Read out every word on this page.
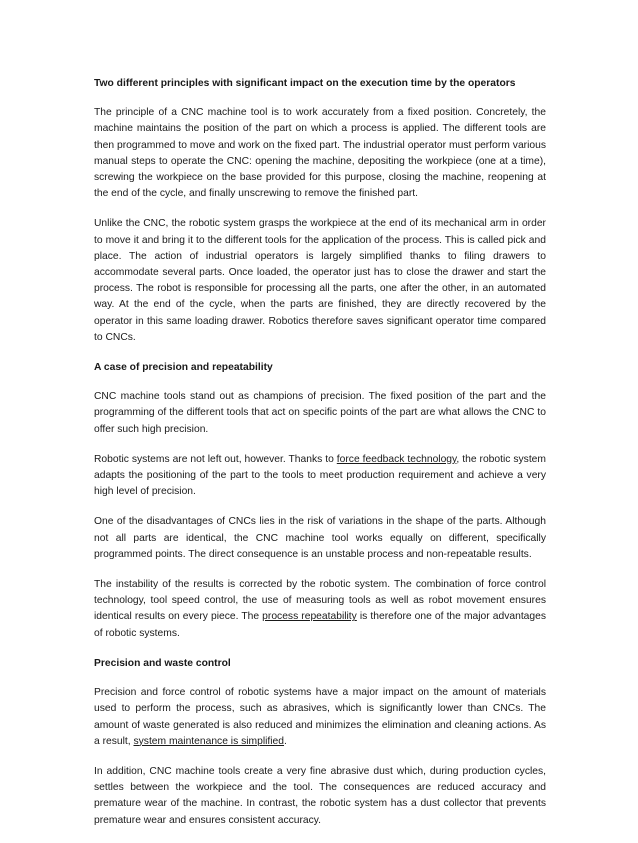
Two different principles with significant impact on the execution time by the operators

The principle of a CNC machine tool is to work accurately from a fixed position. Concretely, the machine maintains the position of the part on which a process is applied. The different tools are then programmed to move and work on the fixed part. The industrial operator must perform various manual steps to operate the CNC: opening the machine, depositing the workpiece (one at a time), screwing the workpiece on the base provided for this purpose, closing the machine, reopening at the end of the cycle, and finally unscrewing to remove the finished part.

Unlike the CNC, the robotic system grasps the workpiece at the end of its mechanical arm in order to move it and bring it to the different tools for the application of the process. This is called pick and place. The action of industrial operators is largely simplified thanks to filing drawers to accommodate several parts. Once loaded, the operator just has to close the drawer and start the process. The robot is responsible for processing all the parts, one after the other, in an automated way. At the end of the cycle, when the parts are finished, they are directly recovered by the operator in this same loading drawer. Robotics therefore saves significant operator time compared to CNCs.

A case of precision and repeatability

CNC machine tools stand out as champions of precision. The fixed position of the part and the programming of the different tools that act on specific points of the part are what allows the CNC to offer such high precision.

Robotic systems are not left out, however. Thanks to force feedback technology, the robotic system adapts the positioning of the part to the tools to meet production requirement and achieve a very high level of precision.

One of the disadvantages of CNCs lies in the risk of variations in the shape of the parts. Although not all parts are identical, the CNC machine tool works equally on different, specifically programmed points. The direct consequence is an unstable process and non-repeatable results.

The instability of the results is corrected by the robotic system. The combination of force control technology, tool speed control, the use of measuring tools as well as robot movement ensures identical results on every piece. The process repeatability is therefore one of the major advantages of robotic systems.

Precision and waste control

Precision and force control of robotic systems have a major impact on the amount of materials used to perform the process, such as abrasives, which is significantly lower than CNCs. The amount of waste generated is also reduced and minimizes the elimination and cleaning actions. As a result, system maintenance is simplified.

In addition, CNC machine tools create a very fine abrasive dust which, during production cycles, settles between the workpiece and the tool. The consequences are reduced accuracy and premature wear of the machine. In contrast, the robotic system has a dust collector that prevents premature wear and ensures consistent accuracy.
